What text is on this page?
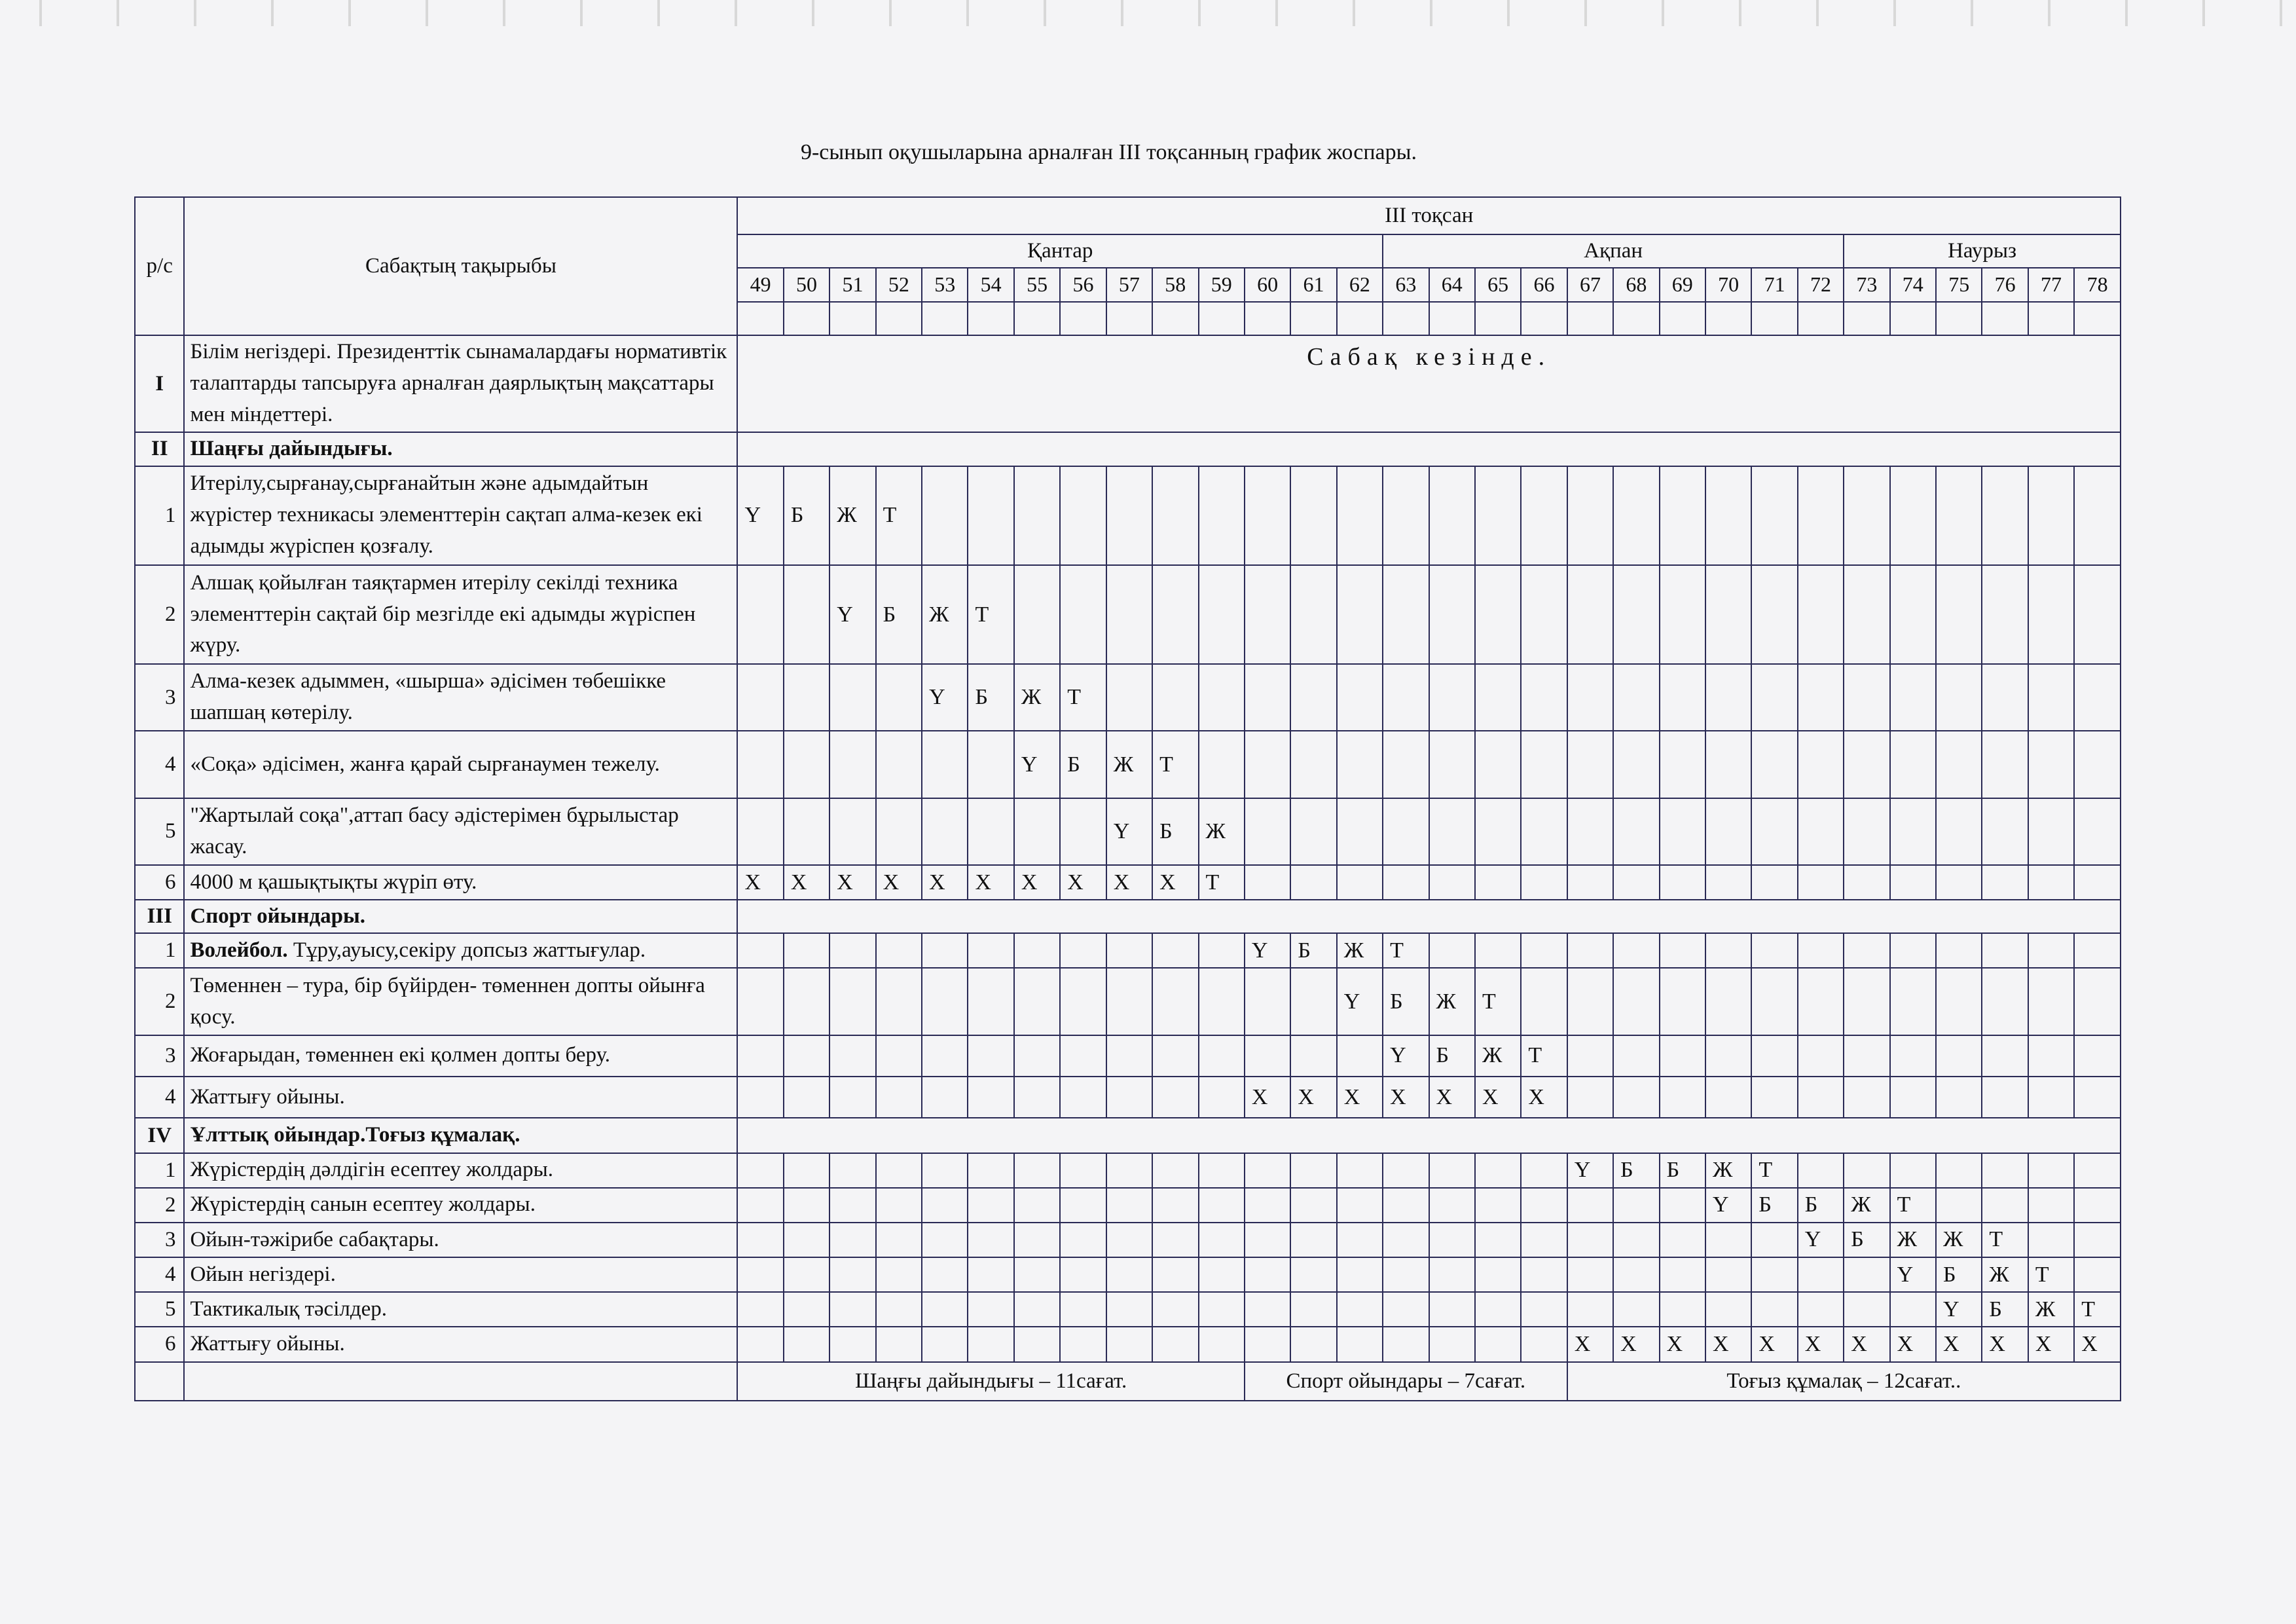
9-сынып оқушыларына арналған ІІІ тоқсанның график жоспары.
р/с	Сабақтың тақырыбы	ІІІ тоқсан																													
		Қантар														Ақпан										Наурыз					
		49	50	51	52	53	54	55	56	57	58	59	60	61	62	63	64	65	66	67	68	69	70	71	72	73	74	75	76	77	78

І	Білім негіздері. Президенттік сынамалардағы нормативтік талаптарды тапсыруға арналған даярлықтың мақсаттары мен міндеттері.	Сабақ кезінде.																													
ІІ	Шаңғы дайындығы.																														
1	Итерілу,сырғанау,сырғанайтын және адымдайтын жүрістер техникасы элементтерін сақтап алма-кезек екі адымды жүріспен қозғалу.	Ү	Б	Ж	Т																										
2	Алшақ қойылған таяқтармен итерілу секілді техника элементтерін сақтай бір мезгілде екі адымды жүріспен жүру.			Ү	Б	Ж	Т																								
3	Алма-кезек адыммен, «шырша» әдісімен төбешікке шапшаң көтерілу.					Ү	Б	Ж	Т																						
4	«Соқа» әдісімен, жанға қарай сырғанаумен тежелу.							Ү	Б	Ж	Т																				
5	"Жартылай соқа",аттап басу әдістерімен бұрылыстар жасау.									Ү	Б	Ж																			
6	4000 м қашықтықты жүріп өту.	Х	Х	Х	Х	Х	Х	Х	Х	Х	Х	Т																			
ІІІ	Спорт ойындары.																														
1	Волейбол. Тұру,ауысу,секіру допсыз жаттығулар.												Ү	Б	Ж	Т															
2	Төменнен – тура, бір бүйірден- төменнен допты ойынға қосу.														Ү	Б	Ж	Т													
3	Жоғарыдан, төменнен екі қолмен допты беру.															Ү	Б	Ж	Т												
4	Жаттығу ойыны.												Х	Х	Х	Х	Х	Х	Х												
ІV	Ұлттық ойындар.Тоғыз құмалақ.																														
1	Жүрістердің дәлдігін есептеу жолдары.																			Ү	Б	Б	Ж	Т							
2	Жүрістердің санын есептеу жолдары.																						Ү	Б	Б	Ж	Т				
3	Ойын-тәжірибе сабақтары.																								Ү	Б	Ж	Ж	Т		
4	Ойын негіздері.																										Ү	Б	Ж	Т	
5	Тактикалық тәсілдер.																											Ү	Б	Ж	Т
6	Жаттығу ойыны.																			Х	Х	Х	Х	Х	Х	Х	Х	Х	Х	Х	Х
		Шаңғы дайындығы – 11сағат.											Спорт ойындары – 7сағат.							Тоғыз құмалақ – 12сағат..											
